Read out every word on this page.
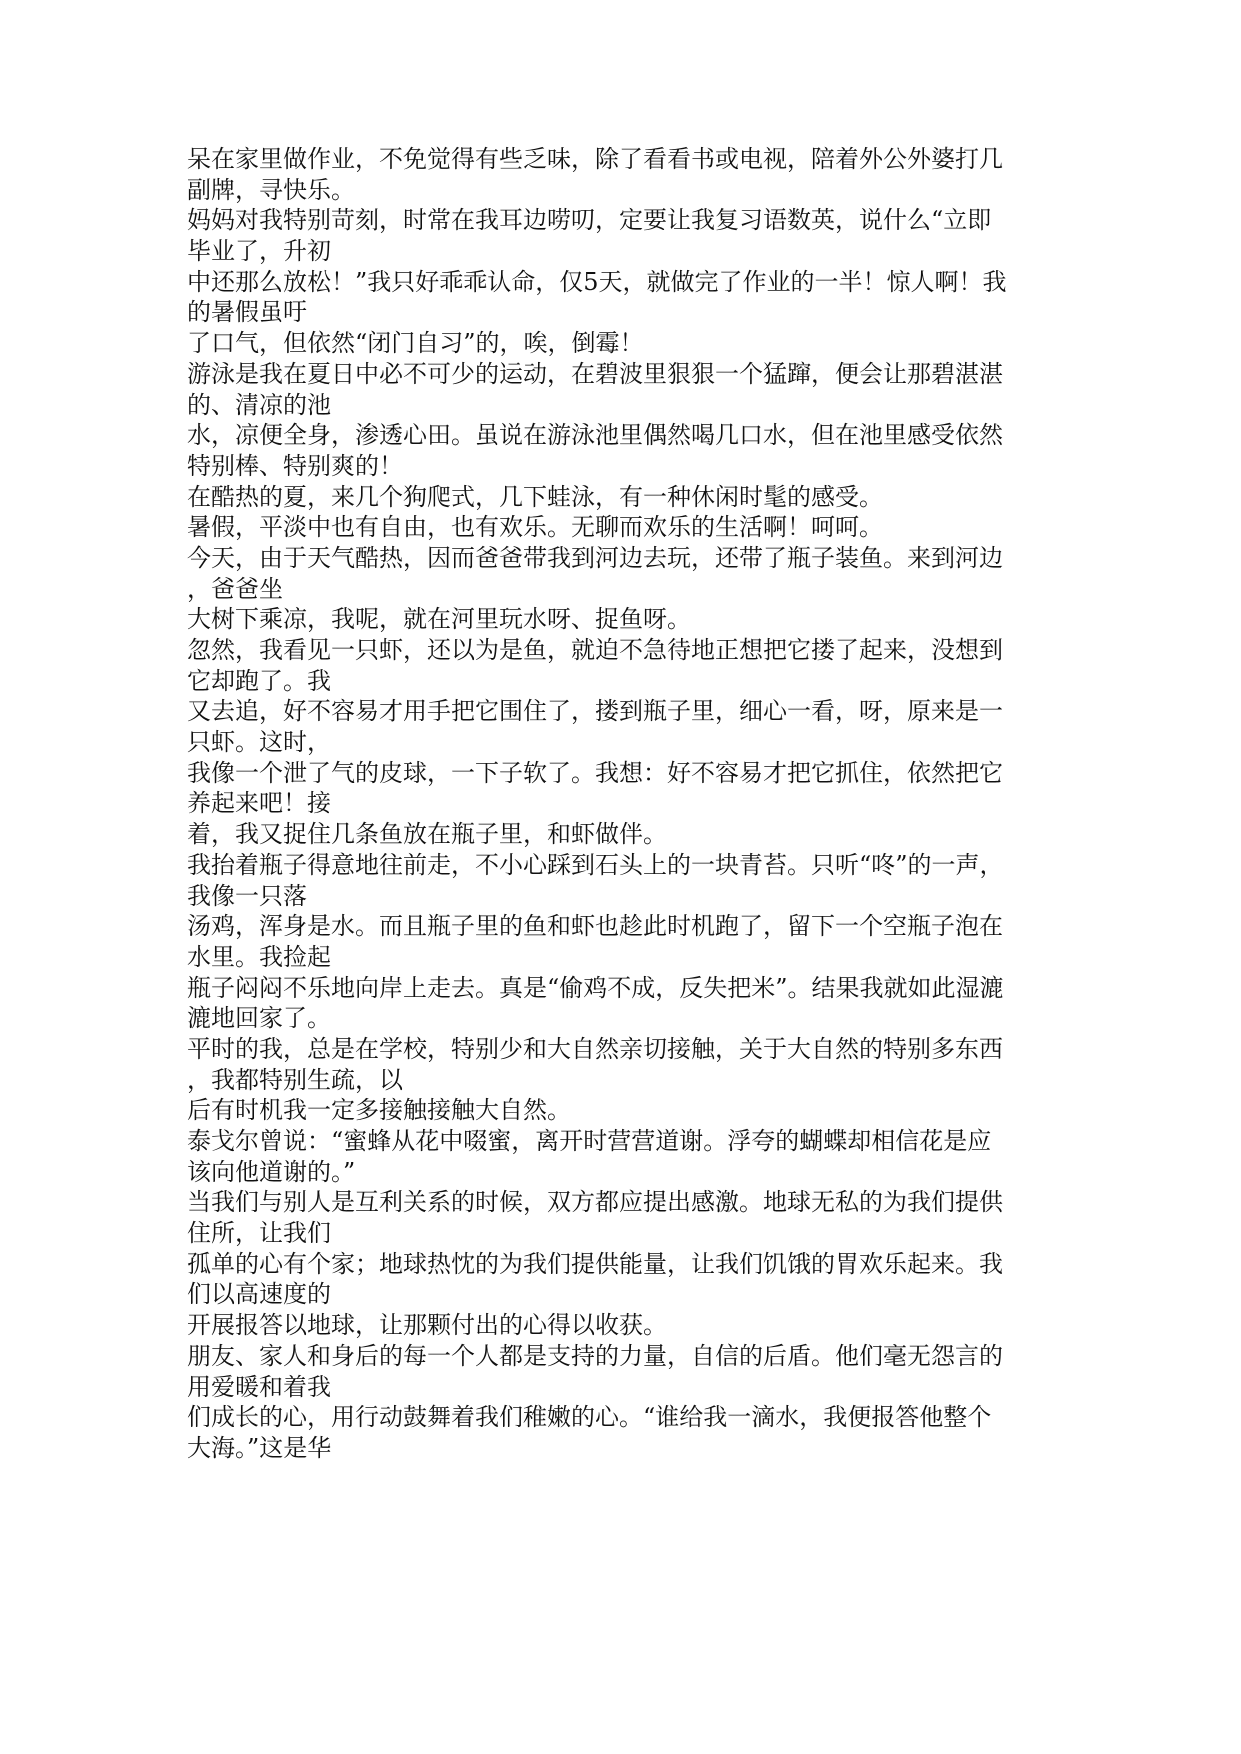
呆在家里做作业，不免觉得有些乏味，除了看看书或电视，陪着外公外婆打几
副牌，寻快乐。
妈妈对我特别苛刻，时常在我耳边唠叨，定要让我复习语数英，说什么“立即
毕业了，升初
中还那么放松！”我只好乖乖认命，仅5天，就做完了作业的一半！惊人啊！我
的暑假虽吁
了口气，但依然“闭门自习”的，唉，倒霉！
游泳是我在夏日中必不可少的运动，在碧波里狠狠一个猛蹿，便会让那碧湛湛
的、清凉的池
水，凉便全身，渗透心田。虽说在游泳池里偶然喝几口水，但在池里感受依然
特别棒、特别爽的！
在酷热的夏，来几个狗爬式，几下蛙泳，有一种休闲时髦的感受。
暑假，平淡中也有自由，也有欢乐。无聊而欢乐的生活啊！呵呵。
今天，由于天气酷热，因而爸爸带我到河边去玩，还带了瓶子装鱼。来到河边
，爸爸坐
大树下乘凉，我呢，就在河里玩水呀、捉鱼呀。
忽然，我看见一只虾，还以为是鱼，就迫不急待地正想把它搂了起来，没想到
它却跑了。我
又去追，好不容易才用手把它围住了，搂到瓶子里，细心一看，呀，原来是一
只虾。这时，
我像一个泄了气的皮球，一下子软了。我想：好不容易才把它抓住，依然把它
养起来吧！接
着，我又捉住几条鱼放在瓶子里，和虾做伴。
我抬着瓶子得意地往前走，不小心踩到石头上的一块青苔。只听“咚”的一声，
我像一只落
汤鸡，浑身是水。而且瓶子里的鱼和虾也趁此时机跑了，留下一个空瓶子泡在
水里。我捡起
瓶子闷闷不乐地向岸上走去。真是“偷鸡不成，反失把米”。结果我就如此湿漉
漉地回家了。
平时的我，总是在学校，特别少和大自然亲切接触，关于大自然的特别多东西
，我都特别生疏，以
后有时机我一定多接触接触大自然。
泰戈尔曾说：“蜜蜂从花中啜蜜，离开时营营道谢。浮夸的蝴蝶却相信花是应
该向他道谢的。”
当我们与别人是互利关系的时候，双方都应提出感激。地球无私的为我们提供
住所，让我们
孤单的心有个家；地球热忱的为我们提供能量，让我们饥饿的胃欢乐起来。我
们以高速度的
开展报答以地球，让那颗付出的心得以收获。
朋友、家人和身后的每一个人都是支持的力量，自信的后盾。他们毫无怨言的
用爱暖和着我
们成长的心，用行动鼓舞着我们稚嫩的心。“谁给我一滴水，我便报答他整个
大海。”这是华
